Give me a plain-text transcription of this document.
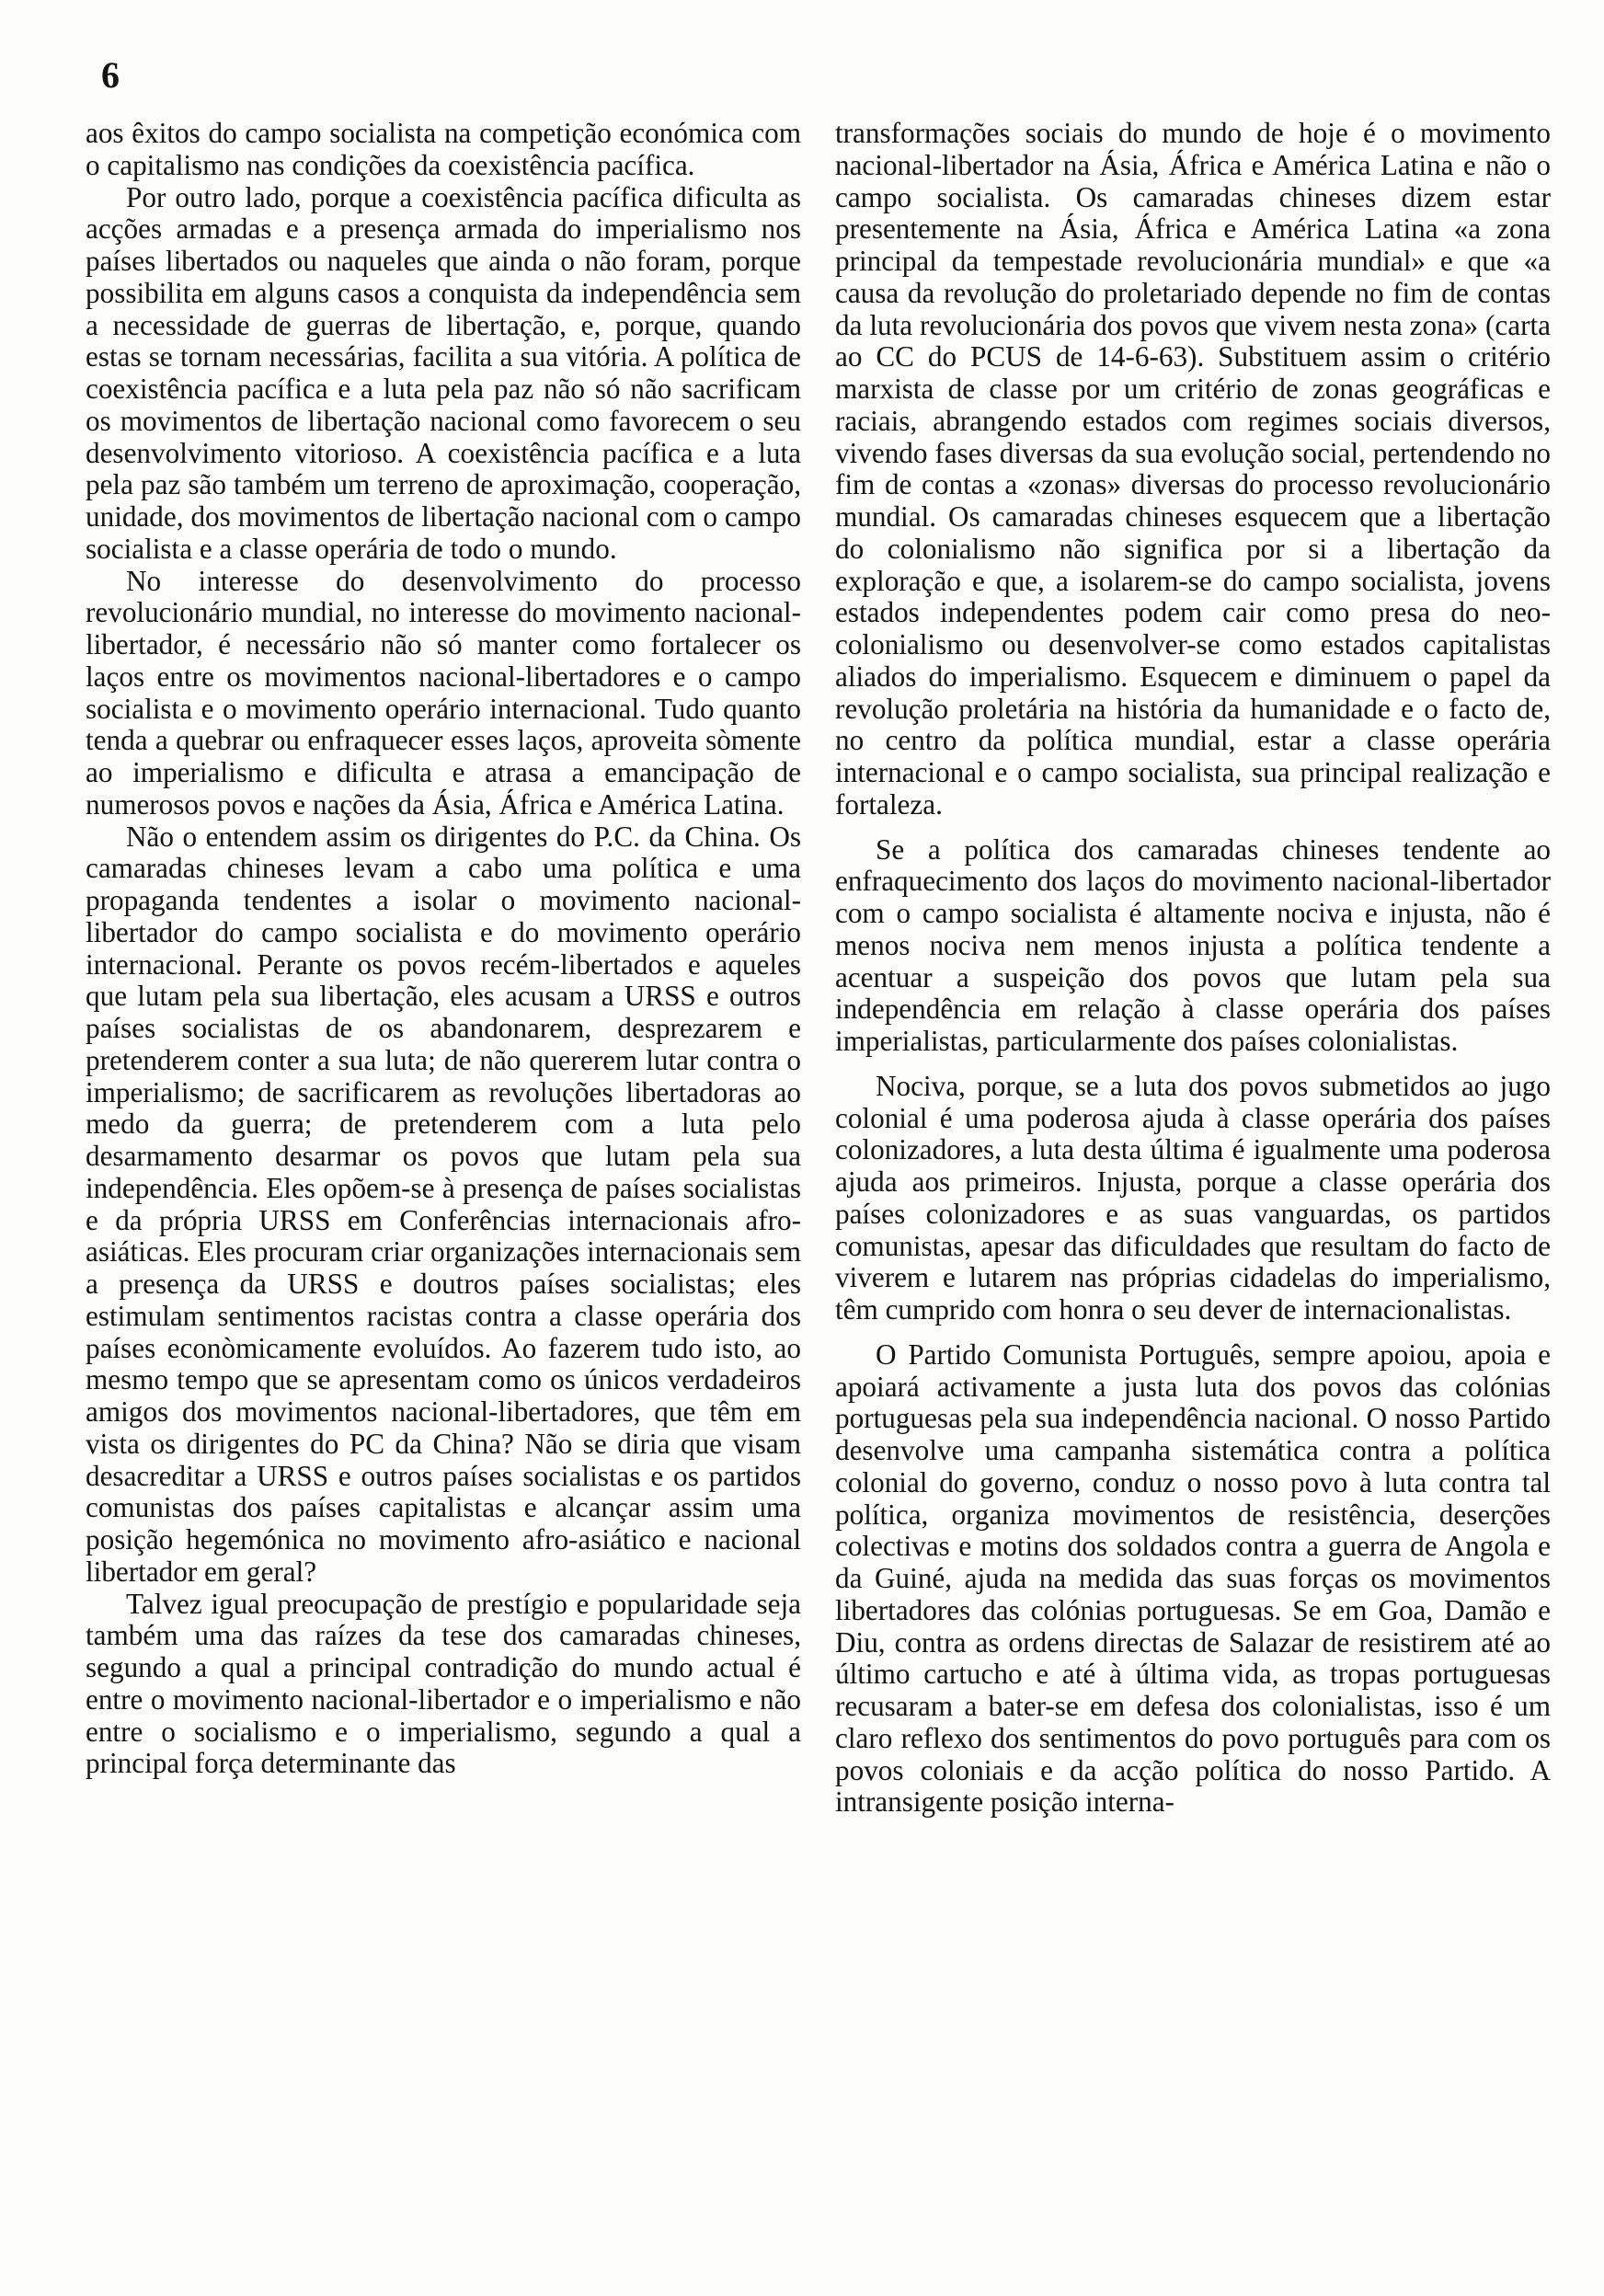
6

aos êxitos do campo socialista na competição económica com o capitalismo nas condições da coexistência pacífica.

Por outro lado, porque a coexistência pacífica dificulta as acções armadas e a presença armada do imperialismo nos países libertados ou naqueles que ainda o não foram, porque possibilita em alguns casos a conquista da independência sem a necessidade de guerras de libertação, e, porque, quando estas se tornam necessárias, facilita a sua vitória. A política de coexistência pacífica e a luta pela paz não só não sacrificam os movimentos de libertação nacional como favorecem o seu desenvolvimento vitorioso. A coexistência pacífica e a luta pela paz são também um terreno de aproximação, cooperação, unidade, dos movimentos de libertação nacional com o campo socialista e a classe operária de todo o mundo.

No interesse do desenvolvimento do processo revolucionário mundial, no interesse do movimento nacional-libertador, é necessário não só manter como fortalecer os laços entre os movimentos nacional-libertadores e o campo socialista e o movimento operário internacional. Tudo quanto tenda a quebrar ou enfraquecer esses laços, aproveita sòmente ao imperialismo e dificulta e atrasa a emancipação de numerosos povos e nações da Ásia, África e América Latina.

Não o entendem assim os dirigentes do P.C. da China. Os camaradas chineses levam a cabo uma política e uma propaganda tendentes a isolar o movimento nacional-libertador do campo socialista e do movimento operário internacional. Perante os povos recém-libertados e aqueles que lutam pela sua libertação, eles acusam a URSS e outros países socialistas de os abandonarem, desprezarem e pretenderem conter a sua luta; de não quererem lutar contra o imperialismo; de sacrificarem as revoluções libertadoras ao medo da guerra; de pretenderem com a luta pelo desarmamento desarmar os povos que lutam pela sua independência. Eles opõem-se à presença de países socialistas e da própria URSS em Conferências internacionais afro-asiáticas. Eles procuram criar organizações internacionais sem a presença da URSS e doutros países socialistas; eles estimulam sentimentos racistas contra a classe operária dos países econòmicamente evoluídos. Ao fazerem tudo isto, ao mesmo tempo que se apresentam como os únicos verdadeiros amigos dos movimentos nacional-libertadores, que têm em vista os dirigentes do PC da China? Não se diria que visam desacreditar a URSS e outros países socialistas e os partidos comunistas dos países capitalistas e alcançar assim uma posição hegemónica no movimento afro-asiático e nacional libertador em geral?

Talvez igual preocupação de prestígio e popularidade seja também uma das raízes da tese dos camaradas chineses, segundo a qual a principal contradição do mundo actual é entre o movimento nacional-libertador e o imperialismo e não entre o socialismo e o imperialismo, segundo a qual a principal força determinante das

transformações sociais do mundo de hoje é o movimento nacional-libertador na Ásia, África e América Latina e não o campo socialista. Os camaradas chineses dizem estar presentemente na Ásia, África e América Latina «a zona principal da tempestade revolucionária mundial» e que «a causa da revolução do proletariado depende no fim de contas da luta revolucionária dos povos que vivem nesta zona» (carta ao CC do PCUS de 14-6-63). Substituem assim o critério marxista de classe por um critério de zonas geográficas e raciais, abrangendo estados com regimes sociais diversos, vivendo fases diversas da sua evolução social, pertendendo no fim de contas a «zonas» diversas do processo revolucionário mundial. Os camaradas chineses esquecem que a libertação do colonialismo não significa por si a libertação da exploração e que, a isolarem-se do campo socialista, jovens estados independentes podem cair como presa do neo-colonialismo ou desenvolver-se como estados capitalistas aliados do imperialismo. Esquecem e diminuem o papel da revolução proletária na história da humanidade e o facto de, no centro da política mundial, estar a classe operária internacional e o campo socialista, sua principal realização e fortaleza.

Se a política dos camaradas chineses tendente ao enfraquecimento dos laços do movimento nacional-libertador com o campo socialista é altamente nociva e injusta, não é menos nociva nem menos injusta a política tendente a acentuar a suspeição dos povos que lutam pela sua independência em relação à classe operária dos países imperialistas, particularmente dos países colonialistas.

Nociva, porque, se a luta dos povos submetidos ao jugo colonial é uma poderosa ajuda à classe operária dos países colonizadores, a luta desta última é igualmente uma poderosa ajuda aos primeiros. Injusta, porque a classe operária dos países colonizadores e as suas vanguardas, os partidos comunistas, apesar das dificuldades que resultam do facto de viverem e lutarem nas próprias cidadelas do imperialismo, têm cumprido com honra o seu dever de internacionalistas.

O Partido Comunista Português, sempre apoiou, apoia e apoiará activamente a justa luta dos povos das colónias portuguesas pela sua independência nacional. O nosso Partido desenvolve uma campanha sistemática contra a política colonial do governo, conduz o nosso povo à luta contra tal política, organiza movimentos de resistência, deserções colectivas e motins dos soldados contra a guerra de Angola e da Guiné, ajuda na medida das suas forças os movimentos libertadores das colónias portuguesas. Se em Goa, Damão e Diu, contra as ordens directas de Salazar de resistirem até ao último cartucho e até à última vida, as tropas portuguesas recusaram a bater-se em defesa dos colonialistas, isso é um claro reflexo dos sentimentos do povo português para com os povos coloniais e da acção política do nosso Partido. A intransigente posição interna-
